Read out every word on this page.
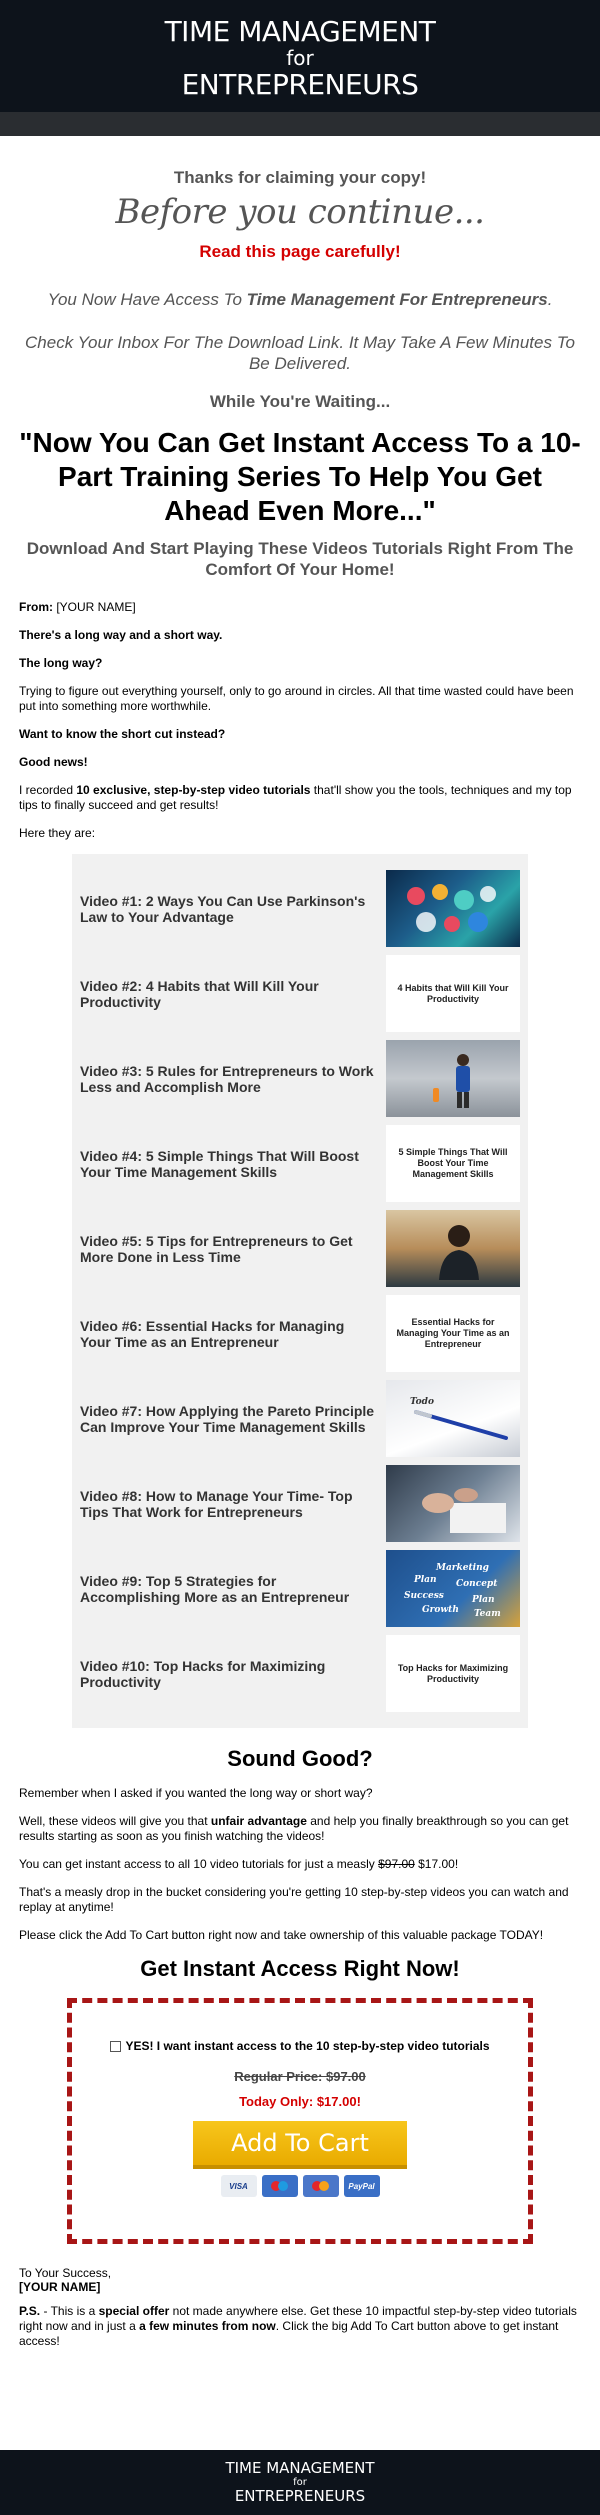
TIME MANAGEMENT
for
ENTREPRENEURS
Thanks for claiming your copy!
Before you continue...
Read this page carefully!
You Now Have Access To Time Management For Entrepreneurs.
Check Your Inbox For The Download Link. It May Take A Few Minutes To Be Delivered.
While You're Waiting...
"Now You Can Get Instant Access To a 10-Part Training Series To Help You Get Ahead Even More..."
Download And Start Playing These Videos Tutorials Right From The Comfort Of Your Home!

From: [YOUR NAME]

There's a long way and a short way.

The long way?

Trying to figure out everything yourself, only to go around in circles. All that time wasted could have been put into something more worthwhile.

Want to know the short cut instead?

Good news!

I recorded 10 exclusive, step-by-step video tutorials that'll show you the tools, techniques and my top tips to finally succeed and get results!

Here they are:

Video #1: 2 Ways You Can Use Parkinson's Law to Your Advantage
Video #2: 4 Habits that Will Kill Your Productivity
4 Habits that Will Kill Your Productivity
Video #3: 5 Rules for Entrepreneurs to Work Less and Accomplish More
Video #4: 5 Simple Things That Will Boost Your Time Management Skills
5 Simple Things That Will Boost Your Time Management Skills
Video #5: 5 Tips for Entrepreneurs to Get More Done in Less Time
Video #6: Essential Hacks for Managing Your Time as an Entrepreneur
Essential Hacks for Managing Your Time as an Entrepreneur
Video #7: How Applying the Pareto Principle Can Improve Your Time Management Skills
Todo
Video #8: How to Manage Your Time- Top Tips That Work for Entrepreneurs
Video #9: Top 5 Strategies for Accomplishing More as an Entrepreneur
Marketing
Plan Concept
Success	Plan
Growth Team
Video #10: Top Hacks for Maximizing Productivity
Top Hacks for Maximizing Productivity
Sound Good?

Remember when I asked if you wanted the long way or short way?

Well, these videos will give you that unfair advantage and help you finally breakthrough so you can get results starting as soon as you finish watching the videos!

You can get instant access to all 10 video tutorials for just a measly $97.00 $17.00!

That's a measly drop in the bucket considering you're getting 10 step-by-step videos you can watch and replay at anytime!

Please click the Add To Cart button right now and take ownership of this valuable package TODAY!

Get Instant Access Right Now!
YES! I want instant access to the 10 step-by-step video tutorials
Regular Price: $97.00
Today Only: $17.00!
Add To Cart
VISA	PayPal
To Your Success,
[YOUR NAME]
P.S. - This is a special offer not made anywhere else. Get these 10 impactful step-by-step video tutorials right now and in just a a few minutes from now. Click the big Add To Cart button above to get instant access!
TIME MANAGEMENT
for
ENTREPRENEURS
